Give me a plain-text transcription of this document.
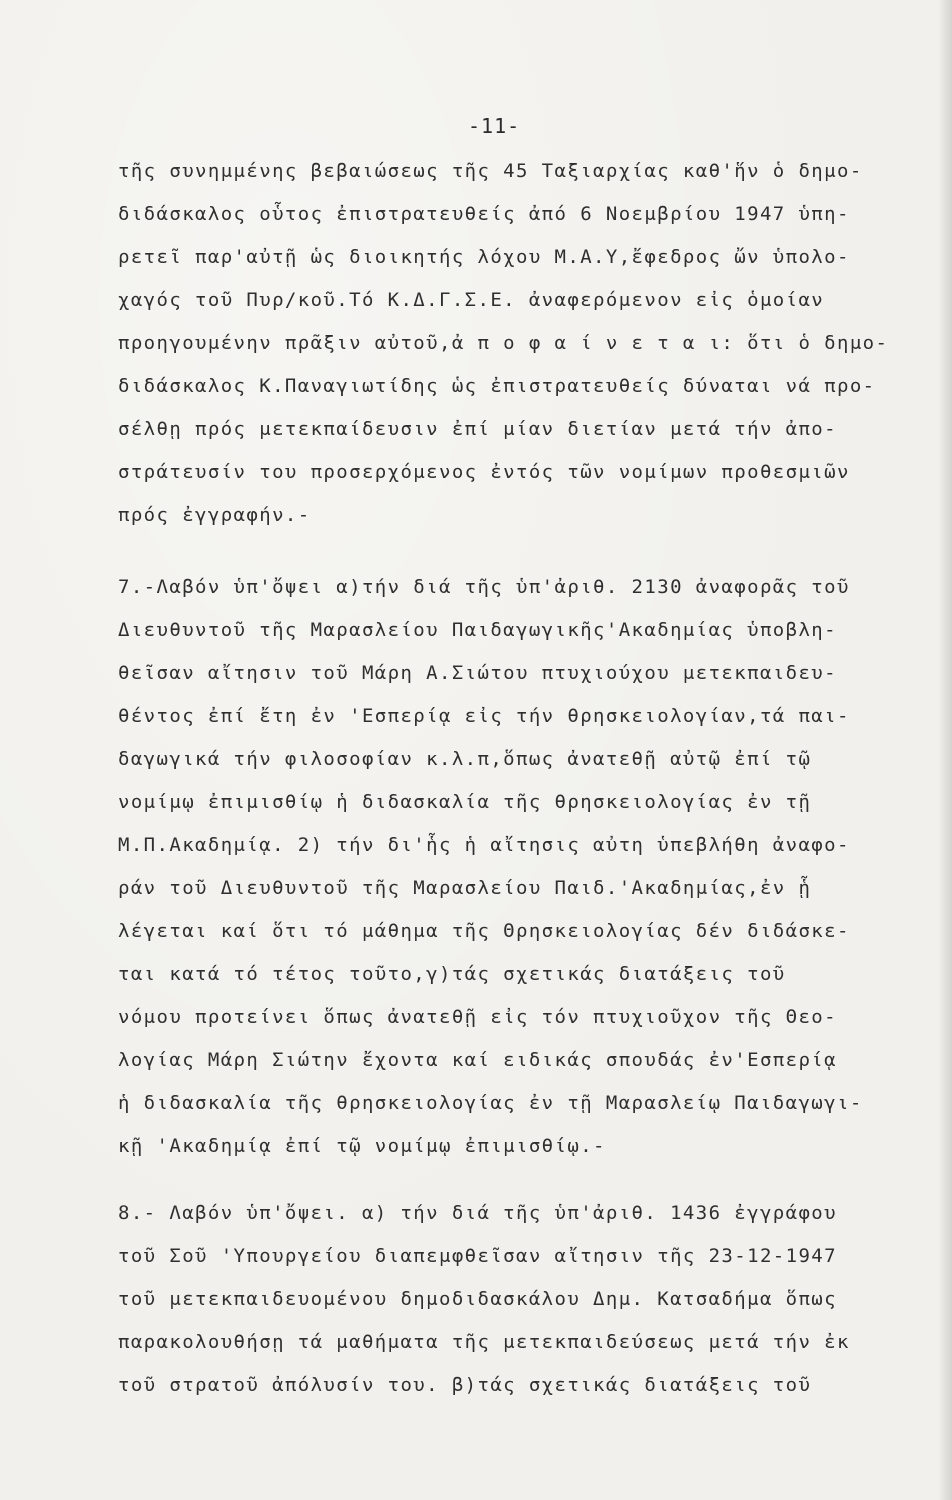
-11-
τῆς συνημμένης βεβαιώσεως τῆς 45 Ταξιαρχίας καθ'ἥν ὁ δημο-
διδάσκαλος οὗτος ἐπιστρατευθείς ἀπό 6 Νοεμβρίου 1947 ὑπη-
ρετεῖ παρ'αὐτῇ ὡς διοικητής λόχου Μ.Α.Υ,ἔφεδρος ὤν ὑπολο-
χαγός τοῦ Πυρ/κοῦ.Τό Κ.Δ.Γ.Σ.Ε. ἀναφερόμενον εἰς ὁμοίαν
προηγουμένην πρᾶξιν αὐτοῦ,ἀ π ο φ α ί ν ε τ α ι: ὅτι ὁ δημο-
διδάσκαλος Κ.Παναγιωτίδης ὡς ἐπιστρατευθείς δύναται νά προ-
σέλθῃ πρός μετεκπαίδευσιν ἐπί μίαν διετίαν μετά τήν ἀπο-
στράτευσίν του προσερχόμενος ἐντός τῶν νομίμων προθεσμιῶν
πρός ἐγγραφήν.-
7.-Λαβόν ὑπ'ὄψει α)τήν διά τῆς ὑπ'ἀριθ. 2130 ἀναφορᾶς τοῦ
Διευθυντοῦ τῆς Μαρασλείου Παιδαγωγικῆς'Ακαδημίας ὑποβλη-
θεῖσαν αἴτησιν τοῦ Μάρη Α.Σιώτου πτυχιούχου μετεκπαιδευ-
θέντος ἐπί ἔτη ἐν 'Εσπερίᾳ εἰς τήν θρησκειολογίαν,τά παι-
δαγωγικά τήν φιλοσοφίαν κ.λ.π,ὅπως ἀνατεθῇ αὐτῷ ἐπί τῷ
νομίμῳ ἐπιμισθίῳ ἡ διδασκαλία τῆς θρησκειολογίας ἐν τῇ
Μ.Π.Ακαδημίᾳ. 2) τήν δι'ἧς ἡ αἴτησις αὐτη ὑπεβλήθη ἀναφο-
ράν τοῦ Διευθυντοῦ τῆς Μαρασλείου Παιδ.'Ακαδημίας,ἐν ᾗ
λέγεται καί ὅτι τό μάθημα τῆς Θρησκειολογίας δέν διδάσκε-
ται κατά τό τέτος τοῦτο,γ)τάς σχετικάς διατάξεις τοῦ
νόμου προτείνει ὅπως ἀνατεθῇ εἰς τόν πτυχιοῦχον τῆς Θεο-
λογίας Μάρη Σιώτην ἔχοντα καί ειδικάς σπουδάς ἐν'Εσπερίᾳ
ἡ διδασκαλία τῆς θρησκειολογίας ἐν τῇ Μαρασλείῳ Παιδαγωγι-
κῇ 'Ακαδημίᾳ ἐπί τῷ νομίμῳ ἐπιμισθίῳ.-
8.- Λαβόν ὑπ'ὄψει. α) τήν διά τῆς ὑπ'ἀριθ. 1436 ἐγγράφου
τοῦ Σοῦ 'Υπουργείου διαπεμφθεῖσαν αἴτησιν τῆς 23-12-1947
τοῦ μετεκπαιδευομένου δημοδιδασκάλου Δημ. Κατσαδήμα ὅπως
παρακολουθήσῃ τά μαθήματα τῆς μετεκπαιδεύσεως μετά τήν ἐκ
τοῦ στρατοῦ ἀπόλυσίν του. β)τάς σχετικάς διατάξεις τοῦ
